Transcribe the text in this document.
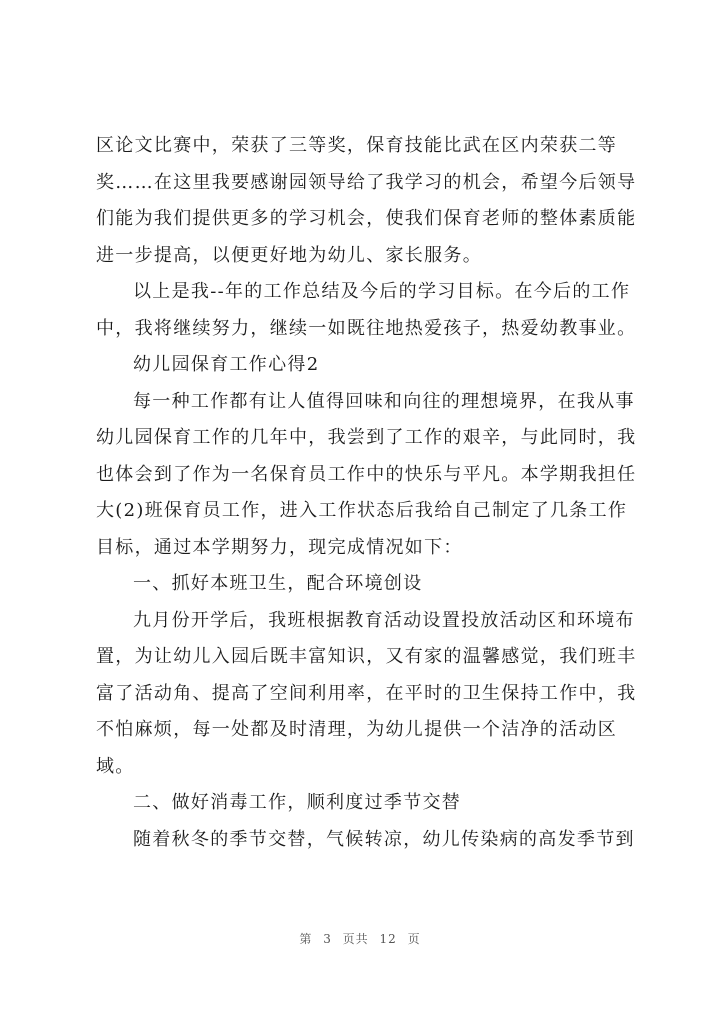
区论文比赛中，荣获了三等奖，保育技能比武在区内荣获二等
奖……在这里我要感谢园领导给了我学习的机会，希望今后领导
们能为我们提供更多的学习机会，使我们保育老师的整体素质能
进一步提高，以便更好地为幼儿、家长服务。
以上是我--年的工作总结及今后的学习目标。在今后的工作
中，我将继续努力，继续一如既往地热爱孩子，热爱幼教事业。
幼儿园保育工作心得2
每一种工作都有让人值得回味和向往的理想境界，在我从事
幼儿园保育工作的几年中，我尝到了工作的艰辛，与此同时，我
也体会到了作为一名保育员工作中的快乐与平凡。本学期我担任
大(2)班保育员工作，进入工作状态后我给自己制定了几条工作
目标，通过本学期努力，现完成情况如下：
一、抓好本班卫生，配合环境创设
九月份开学后，我班根据教育活动设置投放活动区和环境布
置，为让幼儿入园后既丰富知识，又有家的温馨感觉，我们班丰
富了活动角、提高了空间利用率，在平时的卫生保持工作中，我
不怕麻烦，每一处都及时清理，为幼儿提供一个洁净的活动区
域。
二、做好消毒工作，顺利度过季节交替
随着秋冬的季节交替，气候转凉，幼儿传染病的高发季节到
第 3 页共 12 页
